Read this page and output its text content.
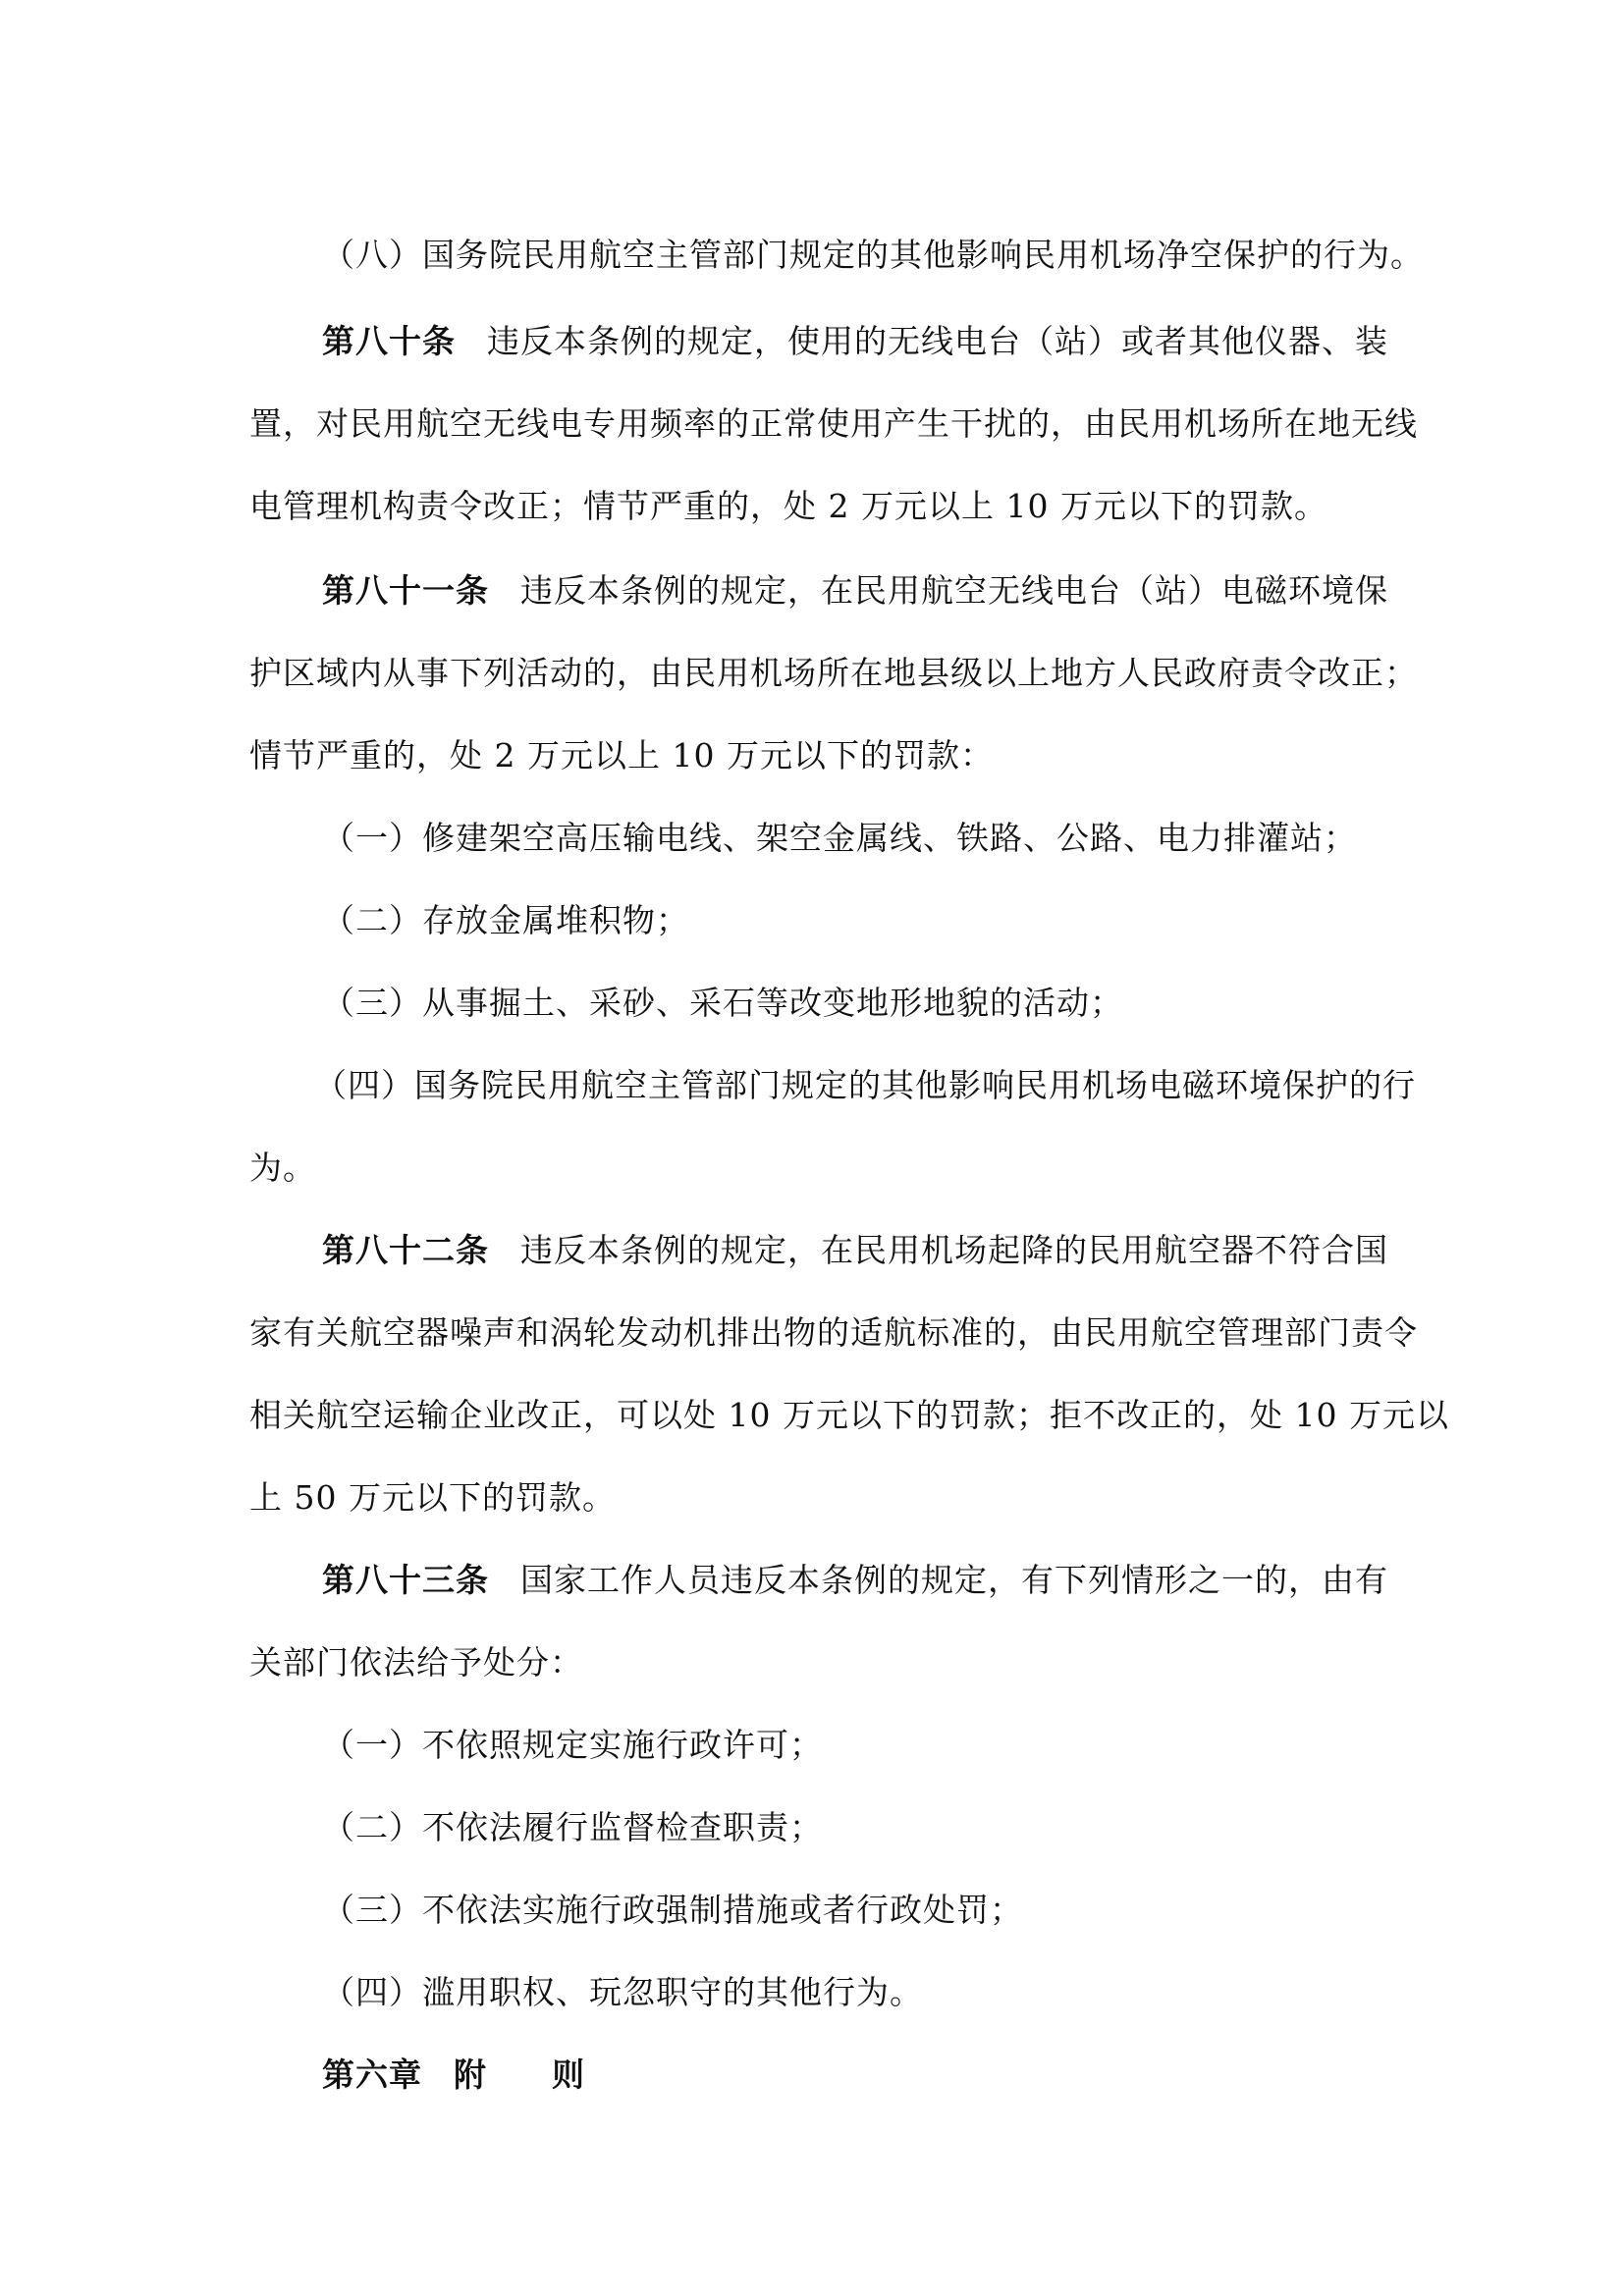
（八）国务院民用航空主管部门规定的其他影响民用机场净空保护的行为。
第八十条 违反本条例的规定，使用的无线电台（站）或者其他仪器、装
置，对民用航空无线电专用频率的正常使用产生干扰的，由民用机场所在地无线
电管理机构责令改正；情节严重的，处 2 万元以上 10 万元以下的罚款。
第八十一条 违反本条例的规定，在民用航空无线电台（站）电磁环境保
护区域内从事下列活动的，由民用机场所在地县级以上地方人民政府责令改正；
情节严重的，处 2 万元以上 10 万元以下的罚款：
（一）修建架空高压输电线、架空金属线、铁路、公路、电力排灌站；
（二）存放金属堆积物；
（三）从事掘土、采砂、采石等改变地形地貌的活动；
（四）国务院民用航空主管部门规定的其他影响民用机场电磁环境保护的行
为。
第八十二条 违反本条例的规定，在民用机场起降的民用航空器不符合国
家有关航空器噪声和涡轮发动机排出物的适航标准的，由民用航空管理部门责令
相关航空运输企业改正，可以处 10 万元以下的罚款；拒不改正的，处 10 万元以
上 50 万元以下的罚款。
第八十三条 国家工作人员违反本条例的规定，有下列情形之一的，由有
关部门依法给予处分：
（一）不依照规定实施行政许可；
（二）不依法履行监督检查职责；
（三）不依法实施行政强制措施或者行政处罚；
（四）滥用职权、玩忽职守的其他行为。
第六章 附 则
